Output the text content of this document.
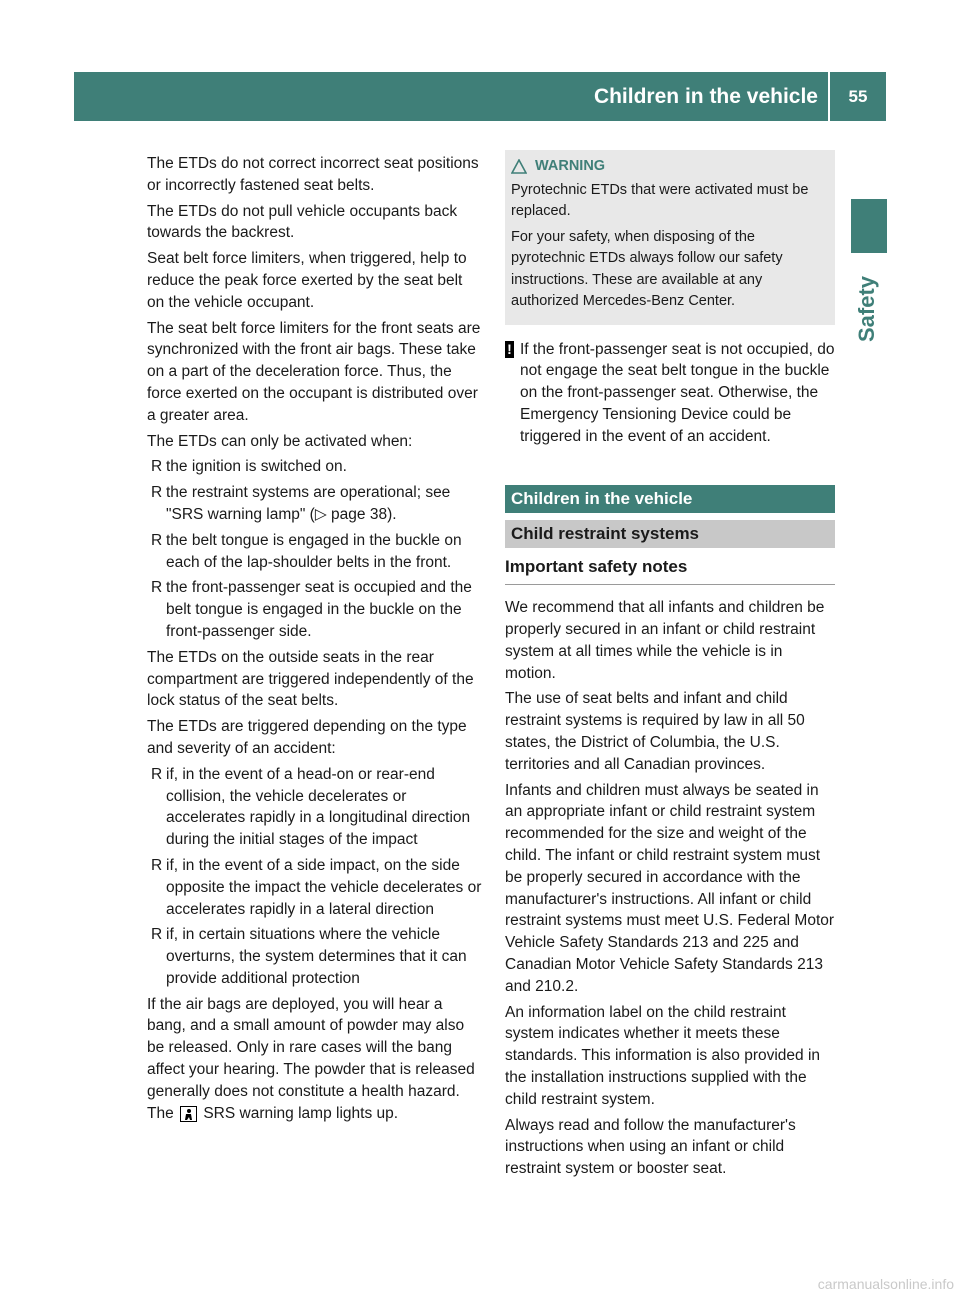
Children in the vehicle	55
Safety

The ETDs do not correct incorrect seat positions or incorrectly fastened seat belts.

The ETDs do not pull vehicle occupants back towards the backrest.

Seat belt force limiters, when triggered, help to reduce the peak force exerted by the seat belt on the vehicle occupant.

The seat belt force limiters for the front seats are synchronized with the front air bags. These take on a part of the deceleration force. Thus, the force exerted on the occupant is distributed over a greater area.

The ETDs can only be activated when:

R the ignition is switched on.
R the restraint systems are operational; see "SRS warning lamp" (▷ page 38).
R the belt tongue is engaged in the buckle on each of the lap-shoulder belts in the front.
R the front-passenger seat is occupied and the belt tongue is engaged in the buckle on the front-passenger side.

The ETDs on the outside seats in the rear compartment are triggered independently of the lock status of the seat belts.

The ETDs are triggered depending on the type and severity of an accident:

R if, in the event of a head-on or rear-end collision, the vehicle decelerates or accelerates rapidly in a longitudinal direction during the initial stages of the impact
R if, in the event of a side impact, on the side opposite the impact the vehicle decelerates or accelerates rapidly in a lateral direction
R if, in certain situations where the vehicle overturns, the system determines that it can provide additional protection

If the air bags are deployed, you will hear a bang, and a small amount of powder may also be released. Only in rare cases will the bang affect your hearing. The powder that is released generally does not constitute a health hazard. The SRS warning lamp lights up.

WARNING

Pyrotechnic ETDs that were activated must be replaced.

For your safety, when disposing of the pyrotechnic ETDs always follow our safety instructions. These are available at any authorized Mercedes-Benz Center.

! If the front-passenger seat is not occupied, do not engage the seat belt tongue in the buckle on the front-passenger seat. Otherwise, the Emergency Tensioning Device could be triggered in the event of an accident.
Children in the vehicle
Child restraint systems
Important safety notes

We recommend that all infants and children be properly secured in an infant or child restraint system at all times while the vehicle is in motion.

The use of seat belts and infant and child restraint systems is required by law in all 50 states, the District of Columbia, the U.S. territories and all Canadian provinces.

Infants and children must always be seated in an appropriate infant or child restraint system recommended for the size and weight of the child. The infant or child restraint system must be properly secured in accordance with the manufacturer's instructions. All infant or child restraint systems must meet U.S. Federal Motor Vehicle Safety Standards 213 and 225 and Canadian Motor Vehicle Safety Standards 213 and 210.2.

An information label on the child restraint system indicates whether it meets these standards. This information is also provided in the installation instructions supplied with the child restraint system.

Always read and follow the manufacturer's instructions when using an infant or child restraint system or booster seat.

carmanualsonline.info
